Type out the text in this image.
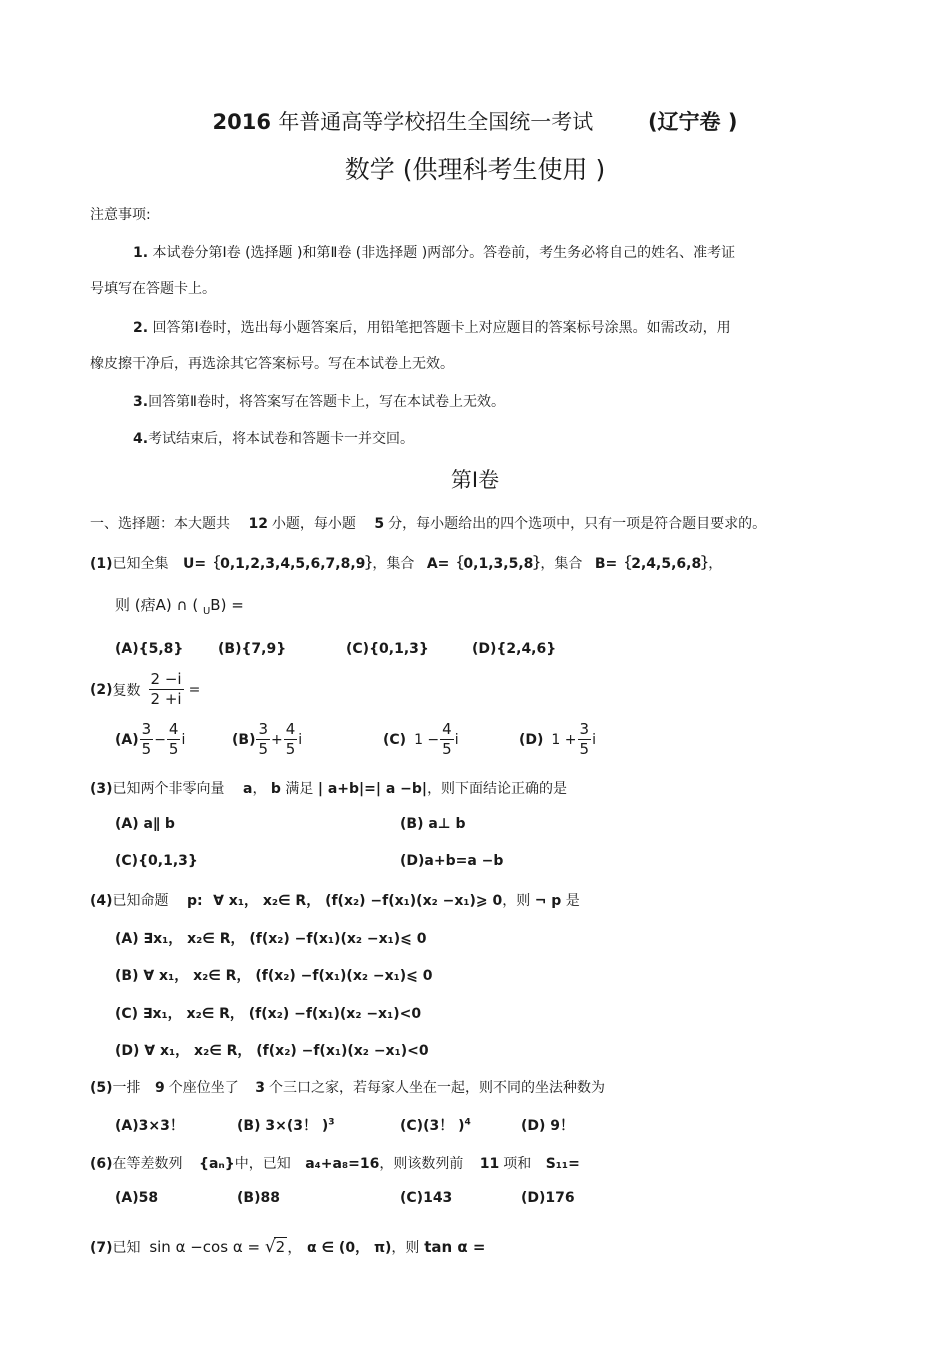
2016 年普通高等学校招生全国统一考试	(辽宁卷 )
数学 (供理科考生使用 )
注意事项:
1. 本试卷分第Ⅰ卷 (选择题 )和第Ⅱ卷 (非选择题 )两部分。答卷前，考生务必将自己的姓名、准考证
号填写在答题卡上。
2. 回答第Ⅰ卷时，选出每小题答案后，用铅笔把答题卡上对应题目的答案标号涂黑。如需改动，用
橡皮擦干净后，再选涂其它答案标号。写在本试卷上无效。
3.回答第Ⅱ卷时，将答案写在答题卡上，写在本试卷上无效。
4.考试结束后，将本试卷和答题卡一并交回。
第Ⅰ卷
一、选择题：本大题共 12 小题，每小题 5 分，每小题给出的四个选项中，只有一项是符合题目要求的。
(1)已知全集 U=｛0,1,2,3,4,5,6,7,8,9｝，集合 A=｛0,1,3,5,8｝，集合 B=｛2,4,5,6,8｝，
则 (痞A) ∩ ( $_U$B) =
(A){5,8} (B){7,9}	(C){0,1,3}	(D){2,4,6}
(2) 复数 $\frac{2 -i}{2 +i}$ =
$(A) \frac{3}{5} - \frac{4}{5}$ i	$(B) \frac{3}{5} + \frac{4}{5}$ i	(C) $1 - \frac{4}{5}$ i	(D) $1 + \frac{3}{5}$ i
(3)已知两个非零向量 a， b 满足 | a+b|=| a −b|，则下面结论正确的是
(A) a∥ b	(B) a⊥ b
(C){0,1,3}	(D)a+b=a −b
(4)已知命题 p: ∀ x₁， x₂∈ R， (f(x₂) −f(x₁)(x₂ −x₁)⩾ 0，则 ¬ p 是
(A) ∃x₁， x₂∈ R， (f(x₂) −f(x₁)(x₂ −x₁)⩽ 0
(B) ∀ x₁， x₂∈ R， (f(x₂) −f(x₁)(x₂ −x₁)⩽ 0
(C) ∃x₁， x₂∈ R， (f(x₂) −f(x₁)(x₂ −x₁)<0
(D) ∀ x₁， x₂∈ R， (f(x₂) −f(x₁)(x₂ −x₁)<0
(5)一排 9 个座位坐了 3 个三口之家，若每家人坐在一起，则不同的坐法种数为
(A)3×3！	(B) 3×(3！ )$^3$	(C)(3！ )$^4$	(D) 9！
(6)在等差数列 {aₙ}中，已知 a₄+a₈=16，则该数列前 11 项和 S₁₁=
(A)58	(B)88	(C)143	(D)176
(7)已知 sin α −cos α = √2 ， α ∈ (0， π)，则 tan α =
